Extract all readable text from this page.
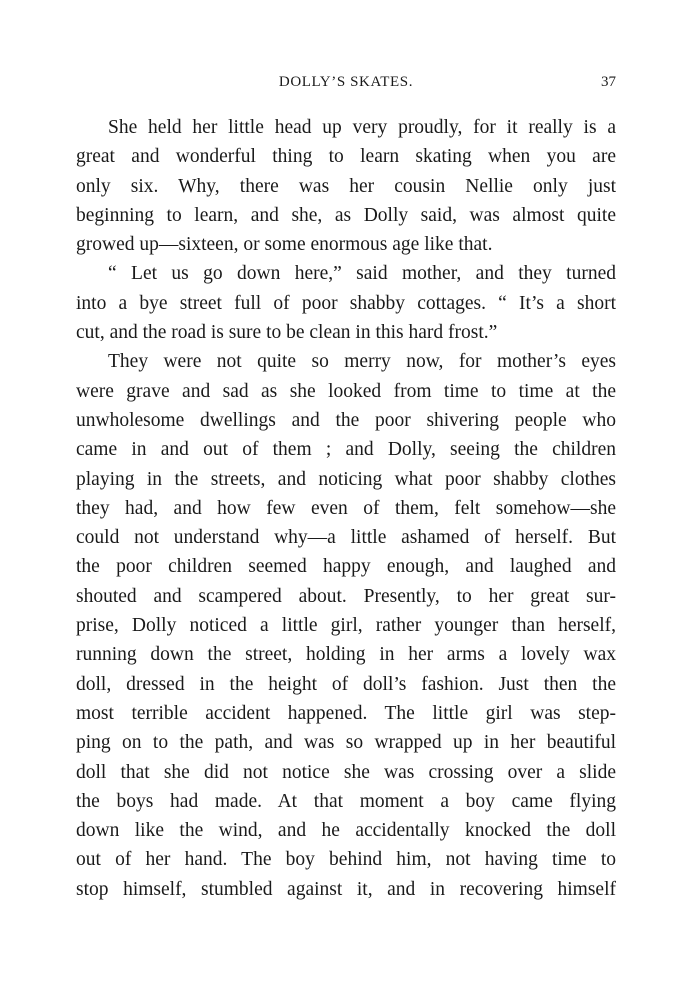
DOLLY’S SKATES.	37
She held her little head up very proudly, for it really is a
great and wonderful thing to learn skating when you are
only six. Why, there was her cousin Nellie only just
beginning to learn, and she, as Dolly said, was almost quite
growed up—sixteen, or some enormous age like that.
“ Let us go down here,” said mother, and they turned
into a bye street full of poor shabby cottages. “ It’s a short
cut, and the road is sure to be clean in this hard frost.”
They were not quite so merry now, for mother’s eyes
were grave and sad as she looked from time to time at the
unwholesome dwellings and the poor shivering people who
came in and out of them ; and Dolly, seeing the children
playing in the streets, and noticing what poor shabby clothes
they had, and how few even of them, felt somehow—she
could not understand why—a little ashamed of herself. But
the poor children seemed happy enough, and laughed and
shouted and scampered about. Presently, to her great sur-
prise, Dolly noticed a little girl, rather younger than herself,
running down the street, holding in her arms a lovely wax
doll, dressed in the height of doll’s fashion. Just then the
most terrible accident happened. The little girl was step-
ping on to the path, and was so wrapped up in her beautiful
doll that she did not notice she was crossing over a slide
the boys had made. At that moment a boy came flying
down like the wind, and he accidentally knocked the doll
out of her hand. The boy behind him, not having time to
stop himself, stumbled against it, and in recovering himself
